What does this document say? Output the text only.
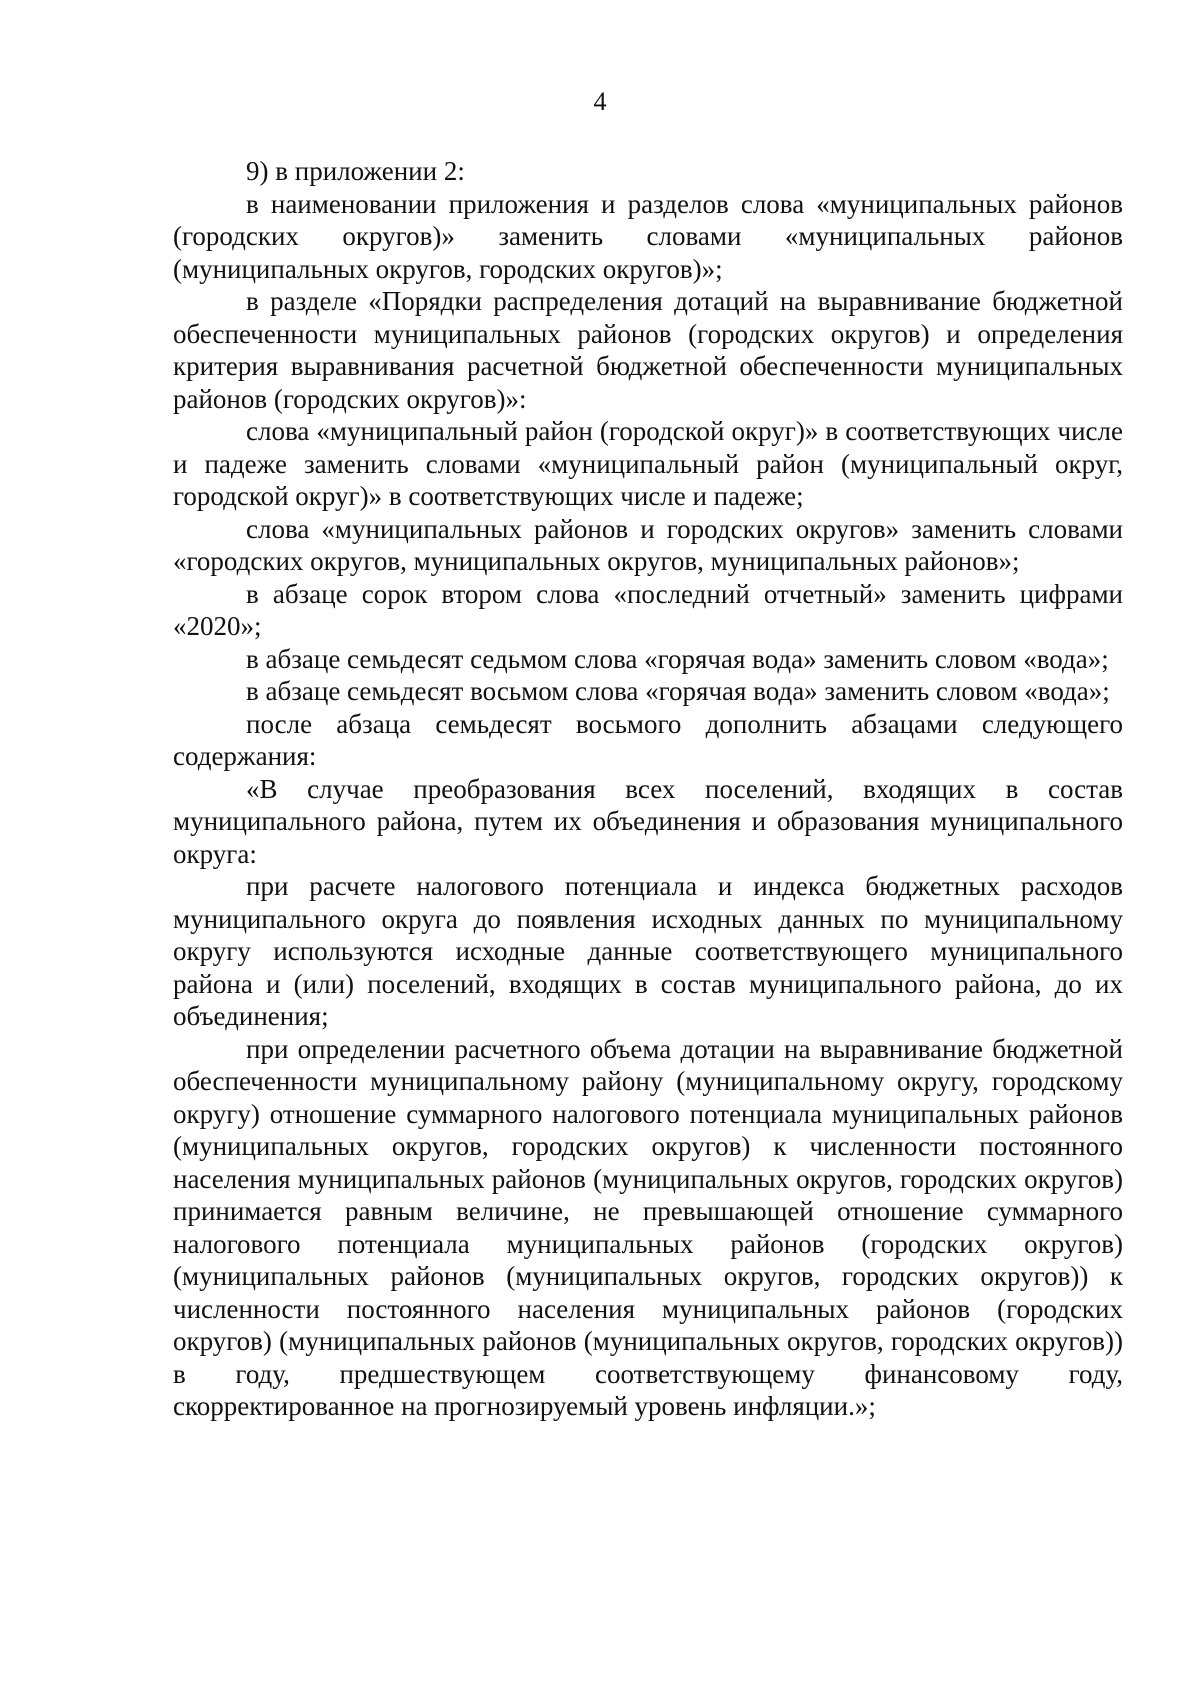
4

9) в приложении 2:

в наименовании приложения и разделов слова «муниципальных районов (городских округов)» заменить словами «муниципальных районов (муниципальных округов, городских округов)»;

в разделе «Порядки распределения дотаций на выравнивание бюджетной обеспеченности муниципальных районов (городских округов) и определения критерия выравнивания расчетной бюджетной обеспеченности муниципальных районов (городских округов)»:

слова «муниципальный район (городской округ)» в соответствующих числе и падеже заменить словами «муниципальный район (муниципальный округ, городской округ)» в соответствующих числе и падеже;

слова «муниципальных районов и городских округов» заменить словами «городских округов, муниципальных округов, муниципальных районов»;

в абзаце сорок втором слова «последний отчетный» заменить цифрами «2020»;

в абзаце семьдесят седьмом слова «горячая вода» заменить словом «вода»;

в абзаце семьдесят восьмом слова «горячая вода» заменить словом «вода»;

после абзаца семьдесят восьмого дополнить абзацами следующего содержания:

«В случае преобразования всех поселений, входящих в состав муниципального района, путем их объединения и образования муниципального округа:

при расчете налогового потенциала и индекса бюджетных расходов муниципального округа до появления исходных данных по муниципальному округу используются исходные данные соответствующего муниципального района и (или) поселений, входящих в состав муниципального района, до их объединения;

при определении расчетного объема дотации на выравнивание бюджетной обеспеченности муниципальному району (муниципальному округу, городскому округу) отношение суммарного налогового потенциала муниципальных районов (муниципальных округов, городских округов) к численности постоянного населения муниципальных районов (муниципальных округов, городских округов) принимается равным величине, не превышающей отношение суммарного налогового потенциала муниципальных районов (городских округов) (муниципальных районов (муниципальных округов, городских округов)) к численности постоянного населения муниципальных районов (городских округов) (муниципальных районов (муниципальных округов, городских округов)) в году, предшествующем соответствующему финансовому году, скорректированное на прогнозируемый уровень инфляции.»;
